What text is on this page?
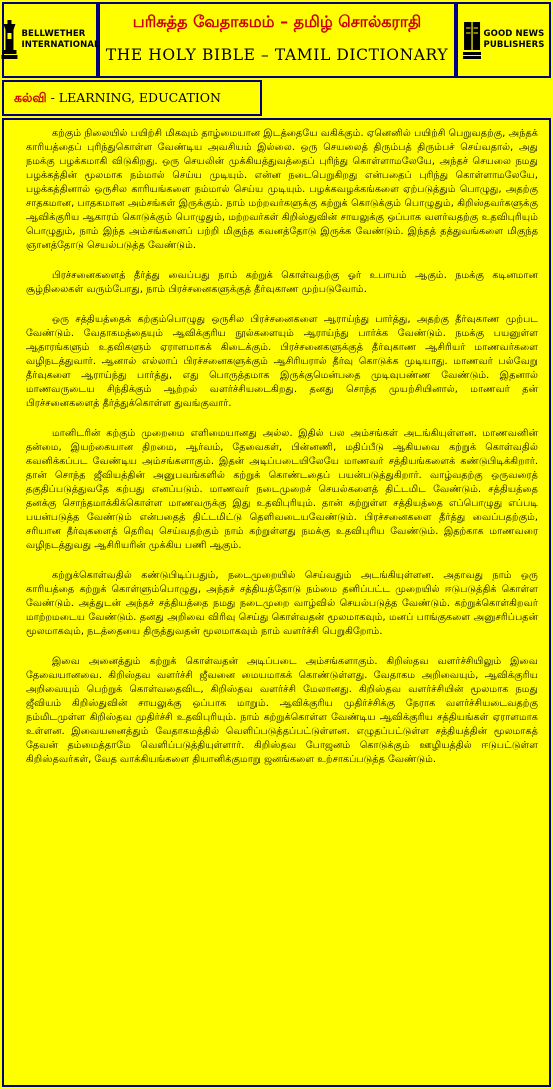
BELLWETHER
INTERNATIONAL
பரிசுத்த வேதாகமம் – தமிழ் சொல்கராதி
THE HOLY BIBLE – TAMIL DICTIONARY
GOOD NEWS
PUBLISHERS
கல்வி - LEARNING, EDUCATION

கற்கும் நிலையில் பயிற்சி மிகவும் தாழ்மையான இடத்தையே வகிக்கும். ஏனெனில் பயிற்சி பெறுவதற்கு, அந்தக் காரியத்தைப் புரிந்துகொள்ள வேண்டிய அவசியம் இல்லை. ஒரு செயலைத் திரும்பத் திரும்பச் செய்வதால், அது நமக்கு பழக்கமாகி விடுகிறது. ஒரு செயலின் முக்கியத்துவத்தைப் புரிந்து கொள்ளாமலேயே, அந்தச் செயலை நமது பழக்கத்தின் மூலமாக நம்மால் செய்ய முடியும். என்ன நடைபெறுகிறது என்பதைப் புரிந்து கொள்ளாமலேயே, பழக்கத்தினால் ஒருசில காரியங்களை நம்மால் செய்ய முடியும். பழக்கவழக்கங்களை ஏற்படுத்தும் பொழுது, அதற்கு சாதகமான, பாதகமான அம்சங்கள் இருக்கும். நாம் மற்றவர்களுக்கு கற்றுக் கொடுக்கும் பொழுதும், கிறிஸ்தவர்களுக்கு ஆவிக்குரிய ஆகாரம் கொடுக்கும் பொழுதும், மற்றவர்கள் கிறிஸ்துவின் சாயலுக்கு ஒப்பாக வளர்வதற்கு உதவிபுரியும் பொழுதும், நாம் இந்த அம்சங்களைப் பற்றி மிகுந்த கவனத்தோடு இருக்க வேண்டும். இந்தத் தத்துவங்களை மிகுந்த ஞானத்தோடு செயல்படுத்த வேண்டும்.

பிரச்சனைகளைத் தீர்த்து வைப்பது நாம் கற்றுக் கொள்வதற்கு ஓர் உபாயம் ஆகும். நமக்கு கடினமான சூழ்நிலைகள் வரும்போது, நாம் பிரச்சனைகளுக்குத் தீர்வுகாண முற்படுவோம்.

ஒரு சத்தியத்தைக் கற்கும்பொழுது ஒருசில பிரச்சனைகளை ஆராய்ந்து பார்த்து, அதற்கு தீர்வுகாண முற்பட வேண்டும். வேதாகமத்தையும் ஆவிக்குரிய நூல்களையும் ஆராய்ந்து பார்க்க வேண்டும். நமக்கு பயனுள்ள ஆதாரங்களும் உதவிகளும் ஏராளமாகக் கிடைக்கும். பிரச்சனைகளுக்குத் தீர்வுகாண ஆசிரியர் மாணவர்களை வழிநடத்துவார். ஆனால் எல்லாப் பிரச்சனைகளுக்கும் ஆசிரியரால் தீர்வு கொடுக்க முடியாது. மாணவர் பல்வேறு தீர்வுகளை ஆராய்ந்து பார்த்து, எது பொருத்தமாக இருக்குமென்பதை முடிவுபண்ண வேண்டும். இதனால் மாணவருடைய சிந்திக்கும் ஆற்றல் வளர்ச்சியடைகிறது. தனது சொந்த முயற்சியினால், மாணவர் தன் பிரச்சனைகளைத் தீர்த்துக்கொள்ள துவங்குவார்.

மானிடரின் கற்கும் முறைமை எளிமையானது அல்ல. இதில் பல அம்சங்கள் அடங்கியுள்ளன. மாணவனின் தன்மை, இயற்கையான திறமை, ஆர்வம், தேவைகள், பின்னணி, மதிப்பீடு ஆகியவை கற்றுக் கொள்வதில் கவனிக்கப்பட வேண்டிய அம்சங்களாகும். இதன் அடிப்படையிலேயே மாணவர் சத்தியங்களைக் கண்டுபிடிக்கிறார். தான் சொந்த ஜீவியத்தின் அனுபவங்களில் கற்றுக் கொண்டதைப் பயன்படுத்துகிறார். வாழ்வதற்கு ஒருவரைத் தகுதிப்படுத்துவதே கற்பது எனப்படும். மாணவர் நடைமுறைச் செயல்களைத் திட்டமிட வேண்டும். சத்தியத்தை தனக்கு சொந்தமாக்கிக்கொள்ள மாணவருக்கு இது உதவிபுரியும். தான் கற்றுள்ள சத்தியத்தை எப்பொழுது எப்படி பயன்படுத்த வேண்டும் என்பதைத் திட்டமிட்டு தெளிவடையவேண்டும். பிரச்சனைகளை தீர்த்து வைப்பதற்கும், சரியான தீர்வுகளைத் தெரிவு செய்வதற்கும் நாம் கற்றுள்ளது நமக்கு உதவிபுரிய வேண்டும். இதற்காக மாணவரை வழிநடத்துவது ஆசிரியரின் முக்கிய பணி ஆகும்.

கற்றுக்கொள்வதில் கண்டுபிடிப்பதும், நடைமுறையில் செய்வதும் அடங்கியுள்ளன. அதாவது நாம் ஒரு காரியத்தை கற்றுக் கொள்ளும்பொழுது, அந்தச் சத்தியத்தோடு நம்மை தனிப்பட்ட முறையில் ஈடுபடுத்திக் கொள்ள வேண்டும். அத்துடன் அந்தச் சத்தியத்தை நமது நடைமுறை வாழ்வில் செயல்படுத்த வேண்டும். கற்றுக்கொள்கிறவர் மாற்றமடைய வேண்டும். தனது அறிவை விரிவு செய்து கொள்வதன் மூலமாகவும், மனப் பாங்குகளை அனுசரிப்பதன் மூலமாகவும், நடத்தையை திருத்துவதன் மூலமாகவும் நாம் வளர்ச்சி பெறுகிறோம்.

இவை அனைத்தும் கற்றுக் கொள்வதன் அடிப்படை அம்சங்களாகும். கிறிஸ்தவ வளர்ச்சியிலும் இவை தேவையானவை. கிறிஸ்தவ வளர்ச்சி ஜீவனை மையமாகக் கொண்டுள்ளது. வேதாகம அறிவையும், ஆவிக்குரிய அறிவையும் பெற்றுக் கொள்வதைவிட, கிறிஸ்தவ வளர்ச்சி மேலானது. கிறிஸ்தவ வளர்ச்சியின் மூலமாக நமது ஜீவியம் கிறிஸ்துவின் சாயலுக்கு ஒப்பாக மாறும். ஆவிக்குரிய முதிர்ச்சிக்கு நேராக வளர்ச்சியடைவதற்கு நம்மிடமுள்ள கிறிஸ்தவ முதிர்ச்சி உதவிபுரியும். நாம் கற்றுக்கொள்ள வேண்டிய ஆவிக்குரிய சத்தியங்கள் ஏராளமாக உள்ளன. இவையனைத்தும் வேதாகமத்தில் வெளிப்படுத்தப்பட்டுள்ளன. எழுதப்பட்டுள்ள சத்தியத்தின் மூலமாகத் தேவன் தம்மைத்தாமே வெளிப்படுத்தியுள்ளார். கிறிஸ்தவ போஜனம் கொடுக்கும் ஊழியத்தில் ஈடுபட்டுள்ள கிறிஸ்தவர்கள், வேத வாக்கியங்களை தியானிக்குமாறு ஜனங்களை உற்சாகப்படுத்த வேண்டும்.
